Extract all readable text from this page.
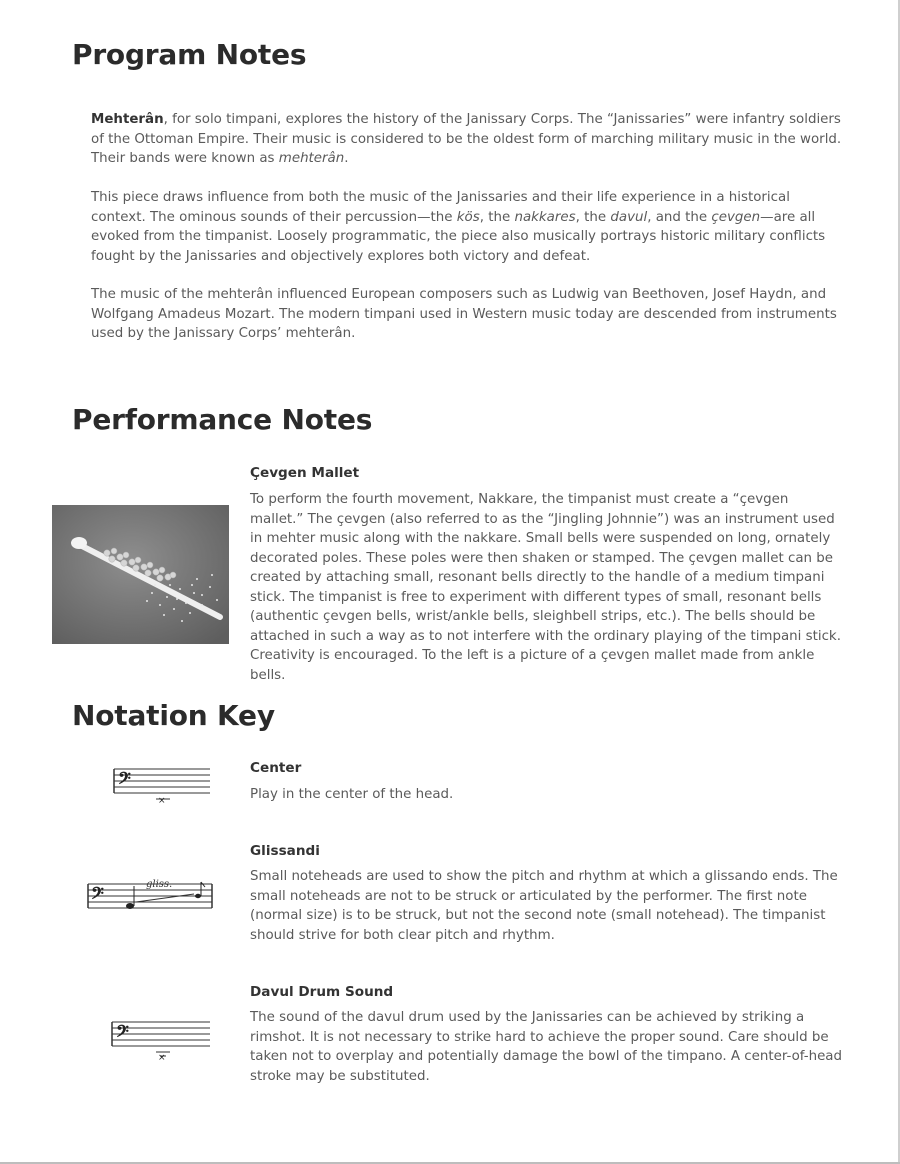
Program Notes

Mehterân, for solo timpani, explores the history of the Janissary Corps. The “Janissaries” were infantry soldiers of the Ottoman Empire. Their music is considered to be the oldest form of marching military music in the world. Their bands were known as mehterân.

This piece draws influence from both the music of the Janissaries and their life experience in a historical context. The ominous sounds of their percussion—the kös, the nakkares, the davul, and the çevgen—are all evoked from the timpanist. Loosely programmatic, the piece also musically portrays historic military conflicts fought by the Janissaries and objectively explores both victory and defeat.

The music of the mehterân influenced European composers such as Ludwig van Beethoven, Josef Haydn, and Wolfgang Amadeus Mozart. The modern timpani used in Western music today are descended from instruments used by the Janissary Corps’ mehterân.

Performance Notes

Çevgen Mallet

To perform the fourth movement, Nakkare, the timpanist must create a “çevgen mallet.” The çevgen (also referred to as the “Jingling Johnnie”) was an instrument used in mehter music along with the nakkare. Small bells were suspended on long, ornately decorated poles. These poles were then shaken or stamped. The çevgen mallet can be created by attaching small, resonant bells directly to the handle of a medium timpani stick. The timpanist is free to experiment with different types of small, resonant bells (authentic çevgen bells, wrist/ankle bells, sleighbell strips, etc.). The bells should be attached in such a way as to not interfere with the ordinary playing of the timpani stick. Creativity is encouraged. To the left is a picture of a çevgen mallet made from ankle bells.

Notation Key
𝄢
×

Center

Play in the center of the head.

𝄢	gliss.

Glissandi

Small noteheads are used to show the pitch and rhythm at which a glissando ends. The small noteheads are not to be struck or articulated by the performer. The first note (normal size) is to be struck, but not the second note (small notehead). The timpanist should strive for both clear pitch and rhythm.

𝄢
×

Davul Drum Sound

The sound of the davul drum used by the Janissaries can be achieved by striking a rimshot. It is not necessary to strike hard to achieve the proper sound. Care should be taken not to overplay and potentially damage the bowl of the timpano. A center-of-head stroke may be substituted.
